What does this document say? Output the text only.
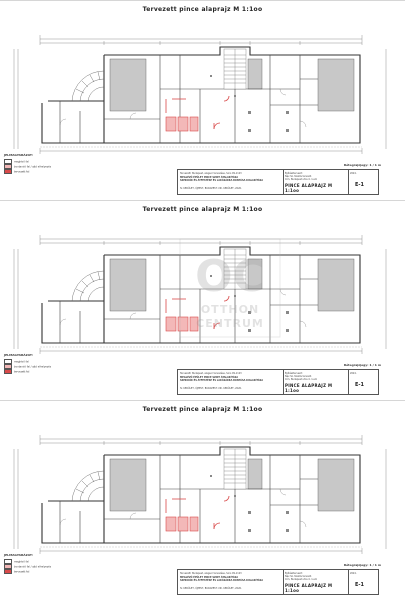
Tervezett pince alaprajz M 1:1oo
JELMAGYARÁZAT:
meglévő fal
bontandó fal / ajtó elhelyezés
tervezett fal
Rétegrajzjegy: 1 / 1 m
Tervezett: Budapest, alagsor tervezése, Sors 09-1123
MEGLÉVŐ ÉPÜLET PINCE SZINT ÁTALAKÍTÁSA
SZEKCIÓK ÉS ÁTFESTÉSE ÉS LAKÁSÁKRA BONTÁSA KIALAKÍTÁSA
IV. KERÜLET, ÚJPEST, BUDAPEST: XIII. KERÜLET, 2026.
Építésztervező:
Név Sz. felelős tervező
Cím, Budapest utca 4. 1.em
PINCE ALAPRAJZ M 1:1oo
2024.
E-1
Tervezett pince alaprajz M 1:1oo
JELMAGYARÁZAT:
meglévő fal
bontandó fal / ajtó elhelyezés
tervezett fal
Rétegrajzjegy: 1 / 1 m
Tervezett: Budapest, alagsor tervezése, Sors 09-1123
MEGLÉVŐ ÉPÜLET PINCE SZINT ÁTALAKÍTÁSA
SZEKCIÓK ÉS ÁTFESTÉSE ÉS LAKÁSÁKRA BONTÁSA KIALAKÍTÁSA
IV. KERÜLET, ÚJPEST, BUDAPEST: XIII. KERÜLET, 2026.
Építésztervező:
Név Sz. felelős tervező
Cím, Budapest utca 4. 1.em
PINCE ALAPRAJZ M 1:1oo
2024.
E-1
Tervezett pince alaprajz M 1:1oo
JELMAGYARÁZAT:
meglévő fal
bontandó fal / ajtó elhelyezés
tervezett fal
Rétegrajzjegy: 1 / 1 m
Tervezett: Budapest, alagsor tervezése, Sors 09-1123
MEGLÉVŐ ÉPÜLET PINCE SZINT ÁTALAKÍTÁSA
SZEKCIÓK ÉS ÁTFESTÉSE ÉS LAKÁSÁKRA BONTÁSA KIALAKÍTÁSA
IV. KERÜLET, ÚJPEST, BUDAPEST: XIII. KERÜLET, 2026.
Építésztervező:
Név Sz. felelős tervező
Cím, Budapest utca 4. 1.em
PINCE ALAPRAJZ M 1:1oo
2024.
E-1
OC
OTTHON
CENTRUM
